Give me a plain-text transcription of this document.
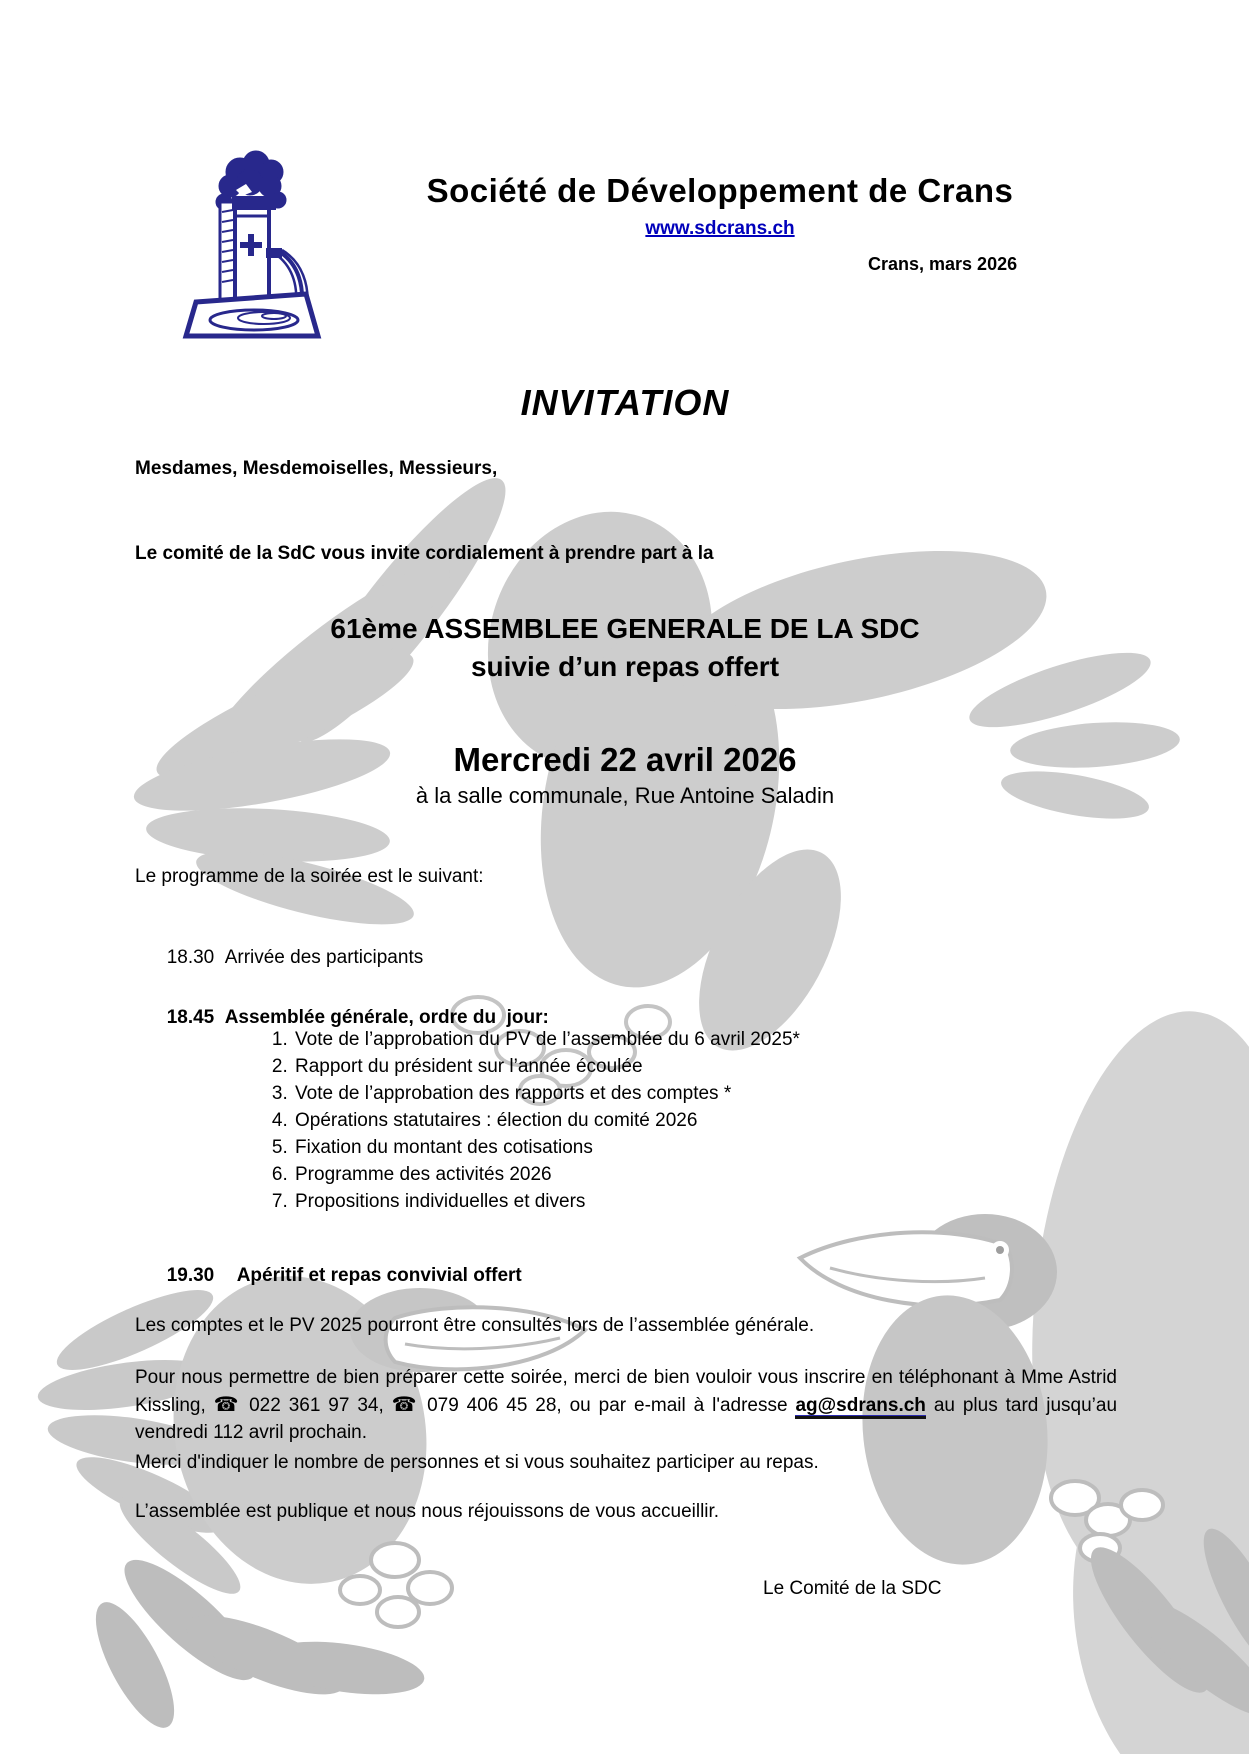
Société de Développement de Crans
www.sdcrans.ch
Crans, mars 2026
INVITATION
Mesdames, Mesdemoiselles, Messieurs,
Le comité de la SdC vous invite cordialement à prendre part à la
61ème ASSEMBLEE GENERALE DE LA SDC
suivie d’un repas offert
Mercredi 22 avril 2026
à la salle communale, Rue Antoine Saladin
Le programme de la soirée est le suivant:

18.30 Arrivée des participants

18.45 Assemblée générale, ordre du  jour:

1. Vote de l’approbation du PV de l’assemblée du 6 avril 2025*
2. Rapport du président sur l’année écoulée
3. Vote de l’approbation des rapports et des comptes *
4. Opérations statutaires : élection du comité 2026
5. Fixation du montant des cotisations
6. Programme des activités 2026
7. Propositions individuelles et divers

19.30 Apéritif et repas convivial offert

Les comptes et le PV 2025 pourront être consultés lors de l’assemblée générale.

Pour nous permettre de bien préparer cette soirée, merci de bien vouloir vous inscrire en téléphonant à Mme Astrid Kissling, ☎ 022 361 97 34, ☎ 079 406 45 28, ou par e-mail à l'adresse ag@sdrans.ch au plus tard jusqu’au vendredi 112 avril prochain.

Merci d'indiquer le nombre de personnes et si vous souhaitez participer au repas.

L’assemblée est publique et nous nous réjouissons de vous accueillir.
Le Comité de la SDC
